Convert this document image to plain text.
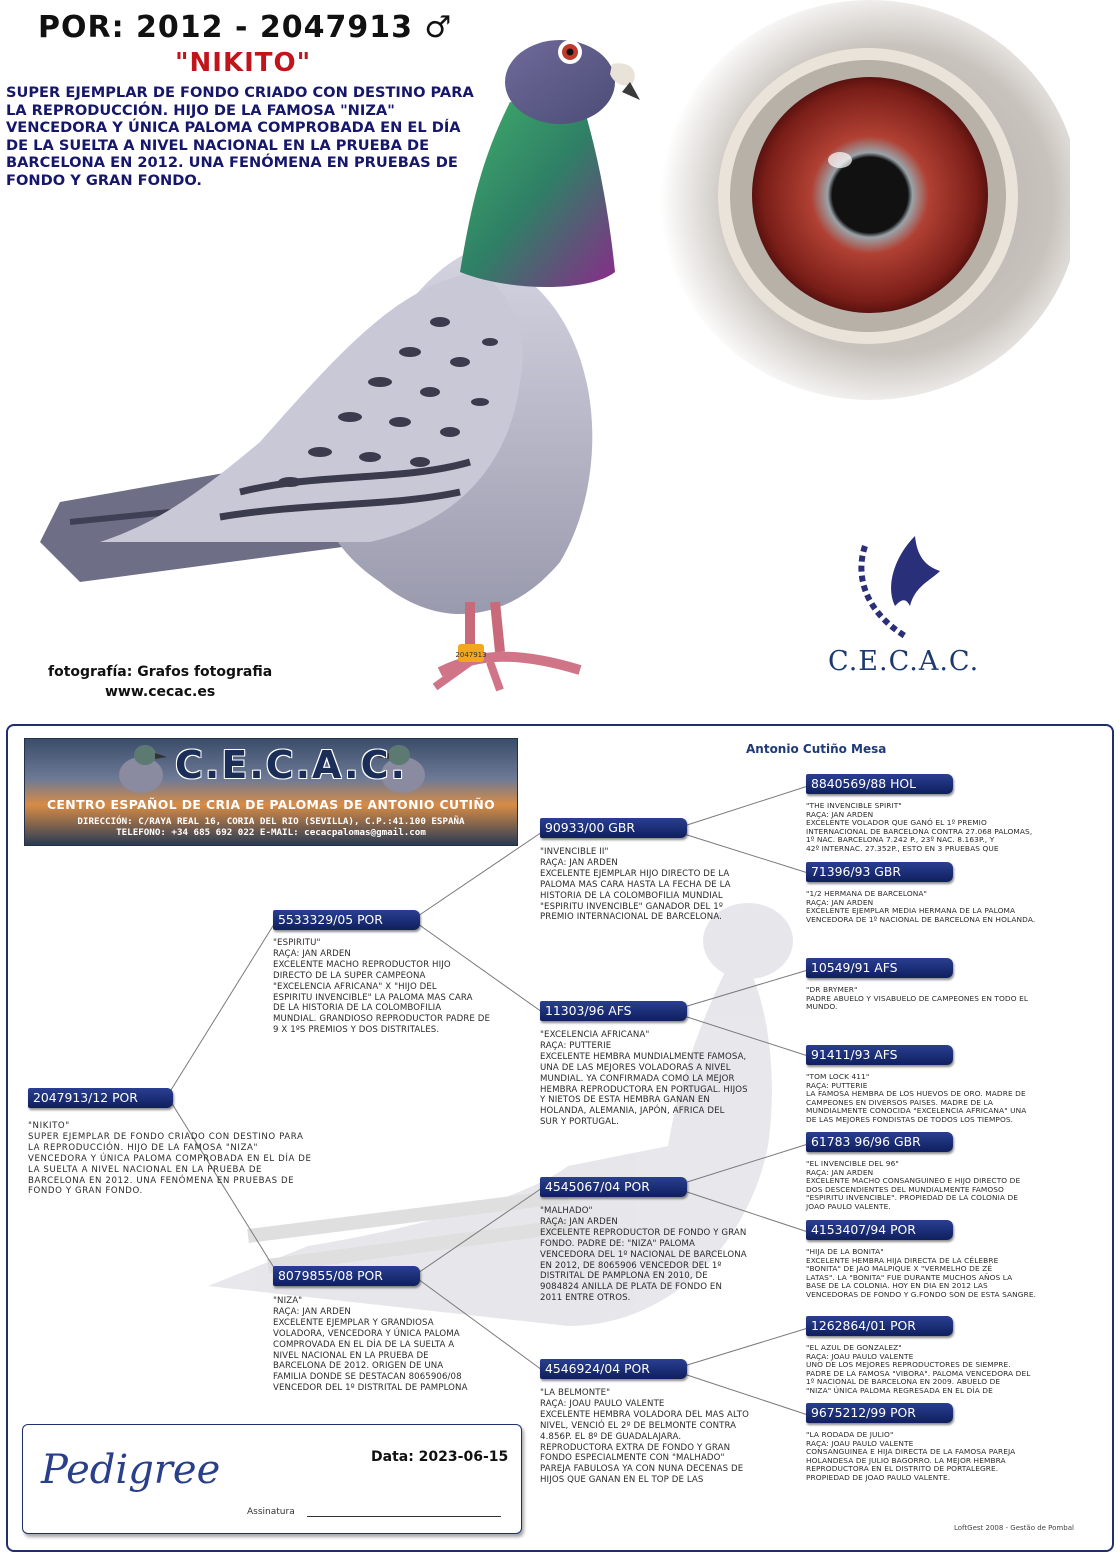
2047913
POR: 2012 - 2047913 ♂
"NIKITO"
SUPER EJEMPLAR DE FONDO CRIADO CON DESTINO PARA LA REPRODUCCIÓN. HIJO DE LA FAMOSA "NIZA" VENCEDORA Y ÚNICA PALOMA COMPROBADA EN EL DÍA DE LA SUELTA A NIVEL NACIONAL EN LA PRUEBA DE BARCELONA EN 2012. UNA FENÓMENA EN PRUEBAS DE FONDO Y GRAN FONDO.
fotografía: Grafos fotografia
www.cecac.es
C.E.C.A.C.
C.E.C.A.C.
CENTRO ESPAÑOL DE CRIA DE PALOMAS DE ANTONIO CUTIÑO
DIRECCIÓN: C/RAYA REAL 16, CORIA DEL RIO (SEVILLA), C.P.:41.100 ESPAÑA
TELEFONO: +34 685 692 022 E-MAIL: cecacpalomas@gmail.com
Antonio Cutiño Mesa
2047913/12 POR
"NIKITO"
SUPER EJEMPLAR DE FONDO CRIADO CON DESTINO PARA
LA REPRODUCCIÓN. HIJO DE LA FAMOSA "NIZA"
VENCEDORA Y ÚNICA PALOMA COMPROBADA EN EL DÍA DE
LA SUELTA A NIVEL NACIONAL EN LA PRUEBA DE
BARCELONA EN 2012. UNA FENÓMENA EN PRUEBAS DE
FONDO Y GRAN FONDO.
5533329/05 POR
"ESPIRITU"
RAÇA: JAN ARDEN
EXCELENTE MACHO REPRODUCTOR HIJO
DIRECTO DE LA SUPER CAMPEONA
"EXCELENCIA AFRICANA" X "HIJO DEL
ESPIRITU INVENCIBLE" LA PALOMA MAS CARA
DE LA HISTORIA DE LA COLOMBOFILIA
MUNDIAL. GRANDIOSO REPRODUCTOR PADRE DE
9 X 1ºS PREMIOS Y DOS DISTRITALES.
8079855/08 POR
"NIZA"
RAÇA: JAN ARDEN
EXCELENTE EJEMPLAR Y GRANDIOSA
VOLADORA, VENCEDORA Y ÚNICA PALOMA
COMPROVADA EN EL DÍA DE LA SUELTA A
NIVEL NACIONAL EN LA PRUEBA DE
BARCELONA DE 2012. ORIGEN DE UNA
FAMILIA DONDE SE DESTACAN 8065906/08
VENCEDOR DEL 1º DISTRITAL DE PAMPLONA
90933/00 GBR
"INVENCIBLE II"
RAÇA: JAN ARDEN
EXCELENTE EJEMPLAR HIJO DIRECTO DE LA
PALOMA MAS CARA HASTA LA FECHA DE LA
HISTORIA DE LA COLOMBOFILIA MUNDIAL
"ESPIRITU INVENCIBLE" GANADOR DEL 1º
PREMIO INTERNACIONAL DE BARCELONA.
11303/96 AFS
"EXCELENCIA AFRICANA"
RAÇA: PUTTERIE
EXCELENTE HEMBRA MUNDIALMENTE FAMOSA,
UNA DE LAS MEJORES VOLADORAS A NIVEL
MUNDIAL. YA CONFIRMADA COMO LA MEJOR
HEMBRA REPRODUCTORA EN PORTUGAL. HIJOS
Y NIETOS DE ESTA HEMBRA GANAN EN
HOLANDA, ALEMANIA, JAPÓN, AFRICA DEL
SUR Y PORTUGAL.
4545067/04 POR
"MALHADO"
RAÇA: JAN ARDEN
EXCELENTE REPRODUCTOR DE FONDO Y GRAN
FONDO. PADRE DE: "NIZA" PALOMA
VENCEDORA DEL 1º NACIONAL DE BARCELONA
EN 2012, DE 8065906 VENCEDOR DEL 1º
DISTRITAL DE PAMPLONA EN 2010, DE
9084824 ANILLA DE PLATA DE FONDO EN
2011 ENTRE OTROS.
4546924/04 POR
"LA BELMONTE"
RAÇA: JOAU PAULO VALENTE
EXCELENTE HEMBRA VOLADORA DEL MAS ALTO
NIVEL, VENCIÓ EL 2º DE BELMONTE CONTRA
4.856P. EL 8º DE GUADALAJARA.
REPRODUCTORA EXTRA DE FONDO Y GRAN
FONDO ESPECIALMENTE CON "MALHADO"
PAREJA FABULOSA YA CON NUNA DECENAS DE
HIJOS QUE GANAN EN EL TOP DE LAS
8840569/88 HOL
"THE INVENCIBLE SPIRIT"
RAÇA: JAN ARDEN
EXCELENTE VOLADOR QUE GANÓ EL 1º PREMIO
INTERNACIONAL DE BARCELONA CONTRA 27.068 PALOMAS,
1º NAC. BARCELONA 7.242 P., 23º NAC. 8.163P., Y
42º INTERNAC. 27.352P., ESTO EN 3 PRUEBAS QUE
71396/93 GBR
"1/2 HERMANA DE BARCELONA"
RAÇA: JAN ARDEN
EXCELENTE EJEMPLAR MEDIA HERMANA DE LA PALOMA
VENCEDORA DE 1º NACIONAL DE BARCELONA EN HOLANDA.
10549/91 AFS
"DR BRYMER"
PADRE ABUELO Y VISABUELO DE CAMPEONES EN TODO EL
MUNDO.
91411/93 AFS
"TOM LOCK 411"
RAÇA: PUTTERIE
LA FAMOSA HEMBRA DE LOS HUEVOS DE ORO. MADRE DE
CAMPEONES EN DIVERSOS PAISES. MADRE DE LA
MUNDIALMENTE CONOCIDA "EXCELENCIA AFRICANA" UNA
DE LAS MEJORES FONDISTAS DE TODOS LOS TIEMPOS.
61783 96/96 GBR
"EL INVENCIBLE DEL 96"
RAÇA: JAN ARDEN
EXCELENTE MACHO CONSANGUINEO E HIJO DIRECTO DE
DOS DESCENDIENTES DEL MUNDIALMENTE FAMOSO
"ESPIRITU INVENCIBLE". PROPIEDAD DE LA COLONIA DE
JOAO PAULO VALENTE.
4153407/94 POR
"HIJA DE LA BONITA"
EXCELENTE HEMBRA HIJA DIRECTA DE LA CÉLEBRE
"BONITA" DE JAO MALPIQUE X "VERMELHO DE ZÉ
LATAS". LA "BONITA" FUE DURANTE MUCHOS AÑOS LA
BASE DE LA COLONIA. HOY EN DIA EN 2012 LAS
VENCEDORAS DE FONDO Y G.FONDO SON DE ESTA SANGRE.
1262864/01 POR
"EL AZUL DE GONZALEZ"
RAÇA: JOAU PAULO VALENTE
UNO DE LOS MEJORES REPRODUCTORES DE SIEMPRE.
PADRE DE LA FAMOSA "VIBORA". PALOMA VENCEDORA DEL
1º NACIONAL DE BARCELONA EN 2009. ABUELO DE
"NIZA" ÚNICA PALOMA REGRESADA EN EL DÍA DE
9675212/99 POR
"LA RODADA DE JULIO"
RAÇA: JOAU PAULO VALENTE
CONSANGUINEA E HIJA DIRECTA DE LA FAMOSA PAREJA
HOLANDESA DE JULIO BAGORRO. LA MEJOR HEMBRA
REPRODUCTORA EN EL DISTRITO DE PORTALEGRE.
PROPIEDAD DE JOAO PAULO VALENTE.
Pedigree	Data: 2023-06-15
Assinatura
LoftGest 2008 - Gestão de Pombal
